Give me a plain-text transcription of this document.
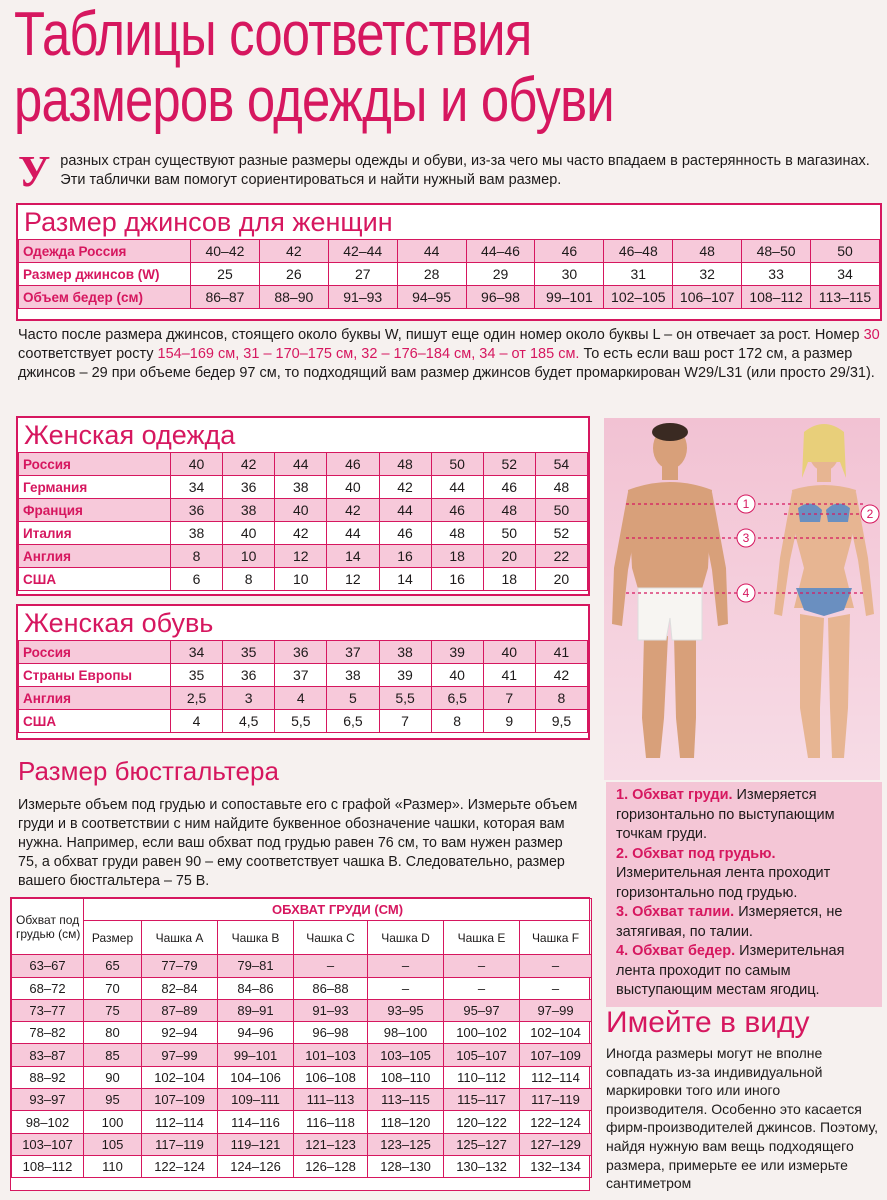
Таблицы соответствия
размеров одежды и обуви
У разных стран существуют разные размеры одежды и обуви, из-за чего мы часто впадаем в растерянность в магазинах. Эти таблички вам помогут сориентироваться и найти нужный вам размер.
Размер джинсов для женщин
Одежда Россия	40–42	42	42–44	44	44–46	46	46–48	48	48–50	50
Размер джинсов (W)	25	26	27	28	29	30	31	32	33	34
Объем бедер (см)	86–87	88–90	91–93	94–95	96–98	99–101	102–105	106–107	108–112	113–115
Часто после размера джинсов, стоящего около буквы W, пишут еще один номер около буквы L – он отвечает за рост. Номер 30 соответствует росту 154–169 см, 31 – 170–175 см, 32 – 176–184 см, 34 – от 185 см. То есть если ваш рост 172 см, а размер джинсов – 29 при объеме бедер 97 см, то подходящий вам размер джинсов будет промаркирован W29/L31 (или просто 29/31).
Женская одежда
Россия	40	42	44	46	48	50	52	54
Германия	34	36	38	40	42	44	46	48
Франция	36	38	40	42	44	46	48	50
Италия	38	40	42	44	46	48	50	52
Англия	8	10	12	14	16	18	20	22
США	6	8	10	12	14	16	18	20
Женская обувь
Россия	34	35	36	37	38	39	40	41
Страны Европы	35	36	37	38	39	40	41	42
Англия	2,5	3	4	5	5,5	6,5	7	8
США	4	4,5	5,5	6,5	7	8	9	9,5
Размер бюстгальтера
Измерьте объем под грудью и сопоставьте его с графой «Размер». Измерьте объем груди и в соответствии с ним найдите буквенное обозначение чашки, которая вам нужна. Например, если ваш обхват под грудью равен 76 см, то вам нужен размер 75, а обхват груди равен 90 – ему соответствует чашка B. Следовательно, размер вашего бюстгальтера – 75 B.
Обхват под грудью (см)	ОБХВАТ ГРУДИ (СМ)						
	Размер	Чашка А	Чашка В	Чашка С	Чашка D	Чашка Е	Чашка F
63–67	65	77–79	79–81	–	–	–	–
68–72	70	82–84	84–86	86–88	–	–	–
73–77	75	87–89	89–91	91–93	93–95	95–97	97–99
78–82	80	92–94	94–96	96–98	98–100	100–102	102–104
83–87	85	97–99	99–101	101–103	103–105	105–107	107–109
88–92	90	102–104	104–106	106–108	108–110	110–112	112–114
93–97	95	107–109	109–111	111–113	113–115	115–117	117–119
98–102	100	112–114	114–116	116–118	118–120	120–122	122–124
103–107	105	117–119	119–121	121–123	123–125	125–127	127–129
108–112	110	122–124	124–126	126–128	128–130	130–132	132–134
1
2
3
4
1. Обхват груди. Измеряется горизонтально по выступающим точкам груди.
2. Обхват под грудью. Измерительная лента проходит горизонтально под грудью.
3. Обхват талии. Измеряется, не затягивая, по талии.
4. Обхват бедер. Измерительная лента проходит по самым выступающим местам ягодиц.
Имейте в виду
Иногда размеры могут не вполне совпадать из-за индивидуальной маркировки того или иного производителя. Особенно это касается фирм-производителей джинсов. Поэтому, найдя нужную вам вещь подходящего размера, примерьте ее или измерьте сантиметром
